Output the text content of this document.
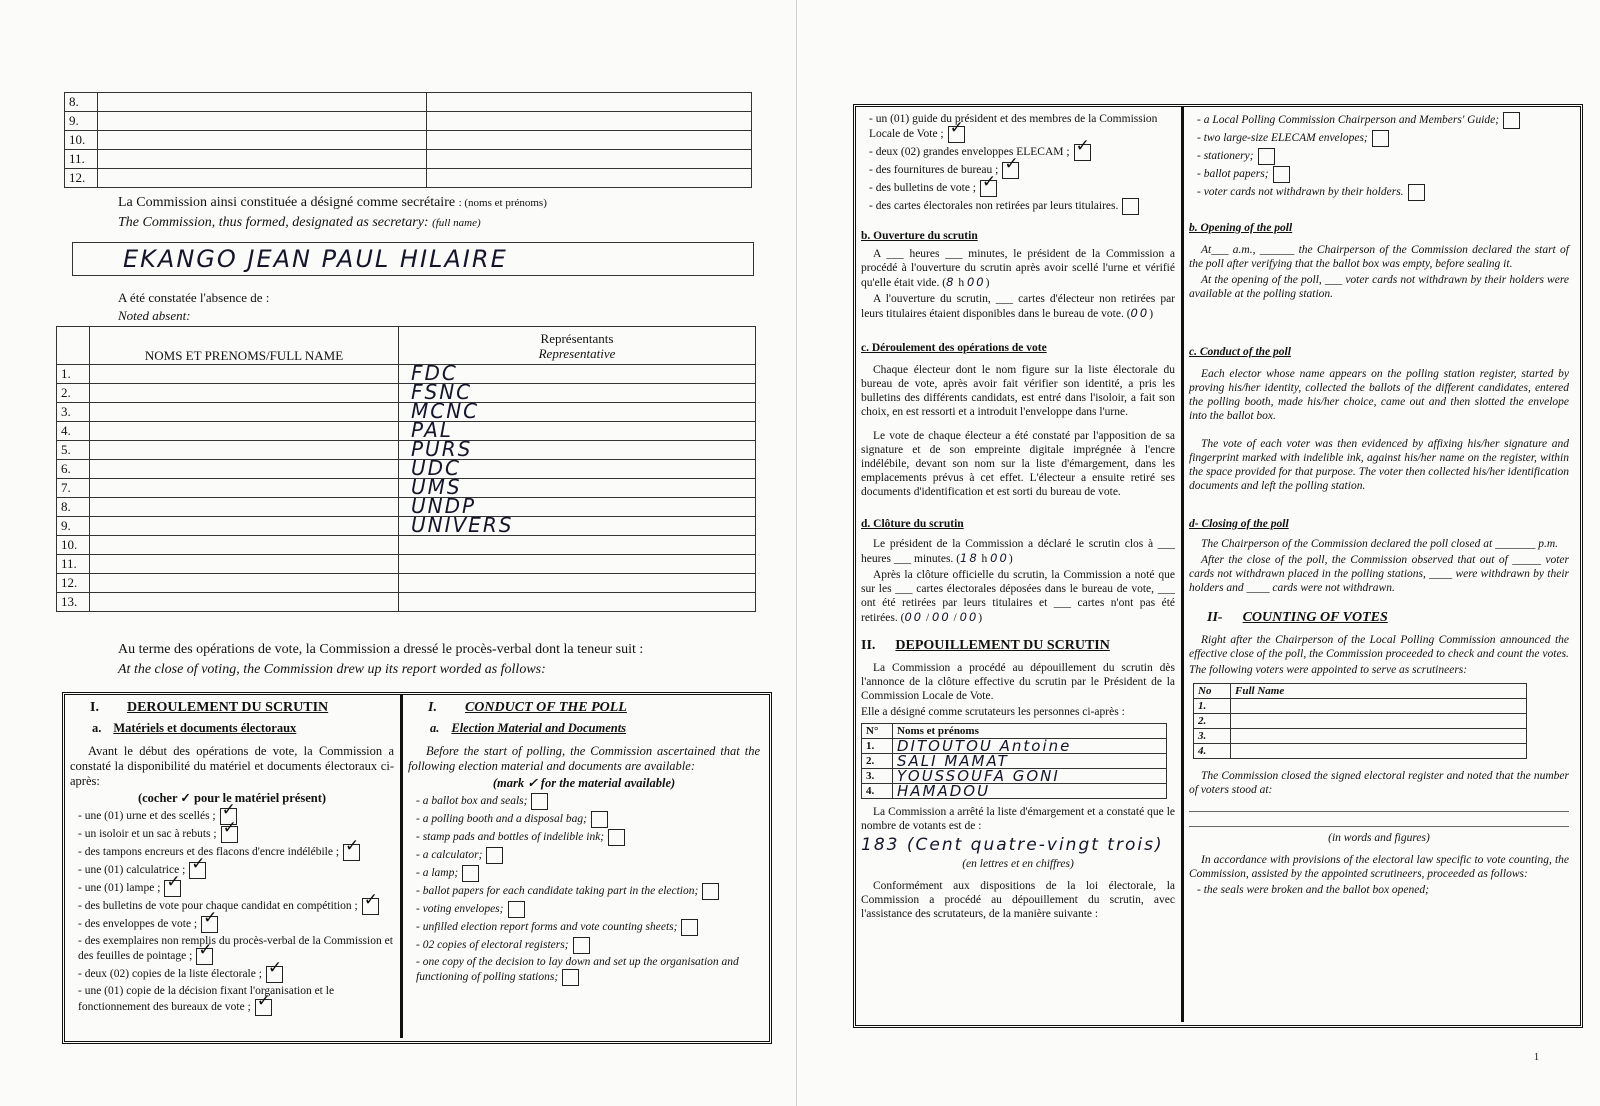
8.		
9.		
10.		
11.		
12.		
La Commission ainsi constituée a désigné comme secrétaire : (noms et prénoms)
The Commission, thus formed, designated as secretary: (full name)
EKANGO JEAN PAUL HILAIRE
A été constatée l'absence de :
Noted absent:
	NOMS ET PRENOMS/FULL NAME	Représentants
Representative

1.		FDC

2.		FSNC

3.		MCNC

4.		PAL

5.		PURS

6.		UDC

7.		UMS

8.		UNDP

9.		UNIVERS

10.		

11.		

12.		

13.		
Au terme des opérations de vote, la Commission a dressé le procès-verbal dont la teneur suit :
At the close of voting, the Commission drew up its report worded as follows:

I. DEROULEMENT DU SCRUTIN

a. Matériels et documents électoraux

Avant le début des opérations de vote, la Commission a constaté la disponibilité du matériel et documents électoraux ci-après:

(cocher ✓ pour le matériel présent)

- une (01) urne et des scellés ;✓
- un isoloir et un sac à rebuts ;✓
- des tampons encreurs et des flacons d'encre indélébile ;✓
- une (01) calculatrice ;✓
- une (01) lampe ;✓
- des bulletins de vote pour chaque candidat en compétition ;✓
- des enveloppes de vote ;✓
- des exemplaires non remplis du procès-verbal de la Commission et des feuilles de pointage ;✓
- deux (02) copies de la liste électorale ;✓
- une (01) copie de la décision fixant l'organisation et le fonctionnement des bureaux de vote ;✓

I. CONDUCT OF THE POLL

a. Election Material and Documents

Before the start of polling, the Commission ascertained that the following election material and documents are available:

(mark ✓ for the material available)

- a ballot box and seals;
- a polling booth and a disposal bag;
- stamp pads and bottles of indelible ink;
- a calculator;
- a lamp;
- ballot papers for each candidate taking part in the election;
- voting envelopes;
- unfilled election report forms and vote counting sheets;
- 02 copies of electoral registers;
- one copy of the decision to lay down and set up the organisation and functioning of polling stations;
- un (01) guide du président et des membres de la Commission Locale de Vote ;✓
- deux (02) grandes enveloppes ELECAM ;✓
- des fournitures de bureau ;✓
- des bulletins de vote ;✓
- des cartes électorales non retirées par leurs titulaires.

b. Ouverture du scrutin

A ___ heures ___ minutes, le président de la Commission a procédé à l'ouverture du scrutin après avoir scellé l'urne et vérifié qu'elle était vide. (8 h 00)

A l'ouverture du scrutin, ___ cartes d'électeur non retirées par leurs titulaires étaient disponibles dans le bureau de vote. (00)

c. Déroulement des opérations de vote

Chaque électeur dont le nom figure sur la liste électorale du bureau de vote, après avoir fait vérifier son identité, a pris les bulletins des différents candidats, est entré dans l'isoloir, a fait son choix, en est ressorti et a introduit l'enveloppe dans l'urne.

Le vote de chaque électeur a été constaté par l'apposition de sa signature et de son empreinte digitale imprégnée à l'encre indélébile, devant son nom sur la liste d'émargement, dans les emplacements prévus à cet effet. L'électeur a ensuite retiré ses documents d'identification et est sorti du bureau de vote.

d. Clôture du scrutin

Le président de la Commission a déclaré le scrutin clos à ___ heures ___ minutes. (18 h 00)

Après la clôture officielle du scrutin, la Commission a noté que sur les ___ cartes électorales déposées dans le bureau de vote, ___ ont été retirées par leurs titulaires et ___ cartes n'ont pas été retirées. (00 / 00 / 00)

II. DEPOUILLEMENT DU SCRUTIN

La Commission a procédé au dépouillement du scrutin dès l'annonce de la clôture effective du scrutin par le Président de la Commission Locale de Vote.

Elle a désigné comme scrutateurs les personnes ci-après :

N°	Noms et prénoms
1.	DITOUTOU Antoine
2.	SALI MAMAT
3.	YOUSSOUFA GONI
4.	HAMADOU

La Commission a arrêté la liste d'émargement et a constaté que le nombre de votants est de :

183 (Cent quatre-vingt trois)

(en lettres et en chiffres)

Conformément aux dispositions de la loi électorale, la Commission a procédé au dépouillement du scrutin, avec l'assistance des scrutateurs, de la manière suivante :

- a Local Polling Commission Chairperson and Members' Guide;
- two large-size ELECAM envelopes;
- stationery;
- ballot papers;
- voter cards not withdrawn by their holders.

b. Opening of the poll

At___ a.m., ______ the Chairperson of the Commission declared the start of the poll after verifying that the ballot box was empty, before sealing it.

At the opening of the poll, ___ voter cards not withdrawn by their holders were available at the polling station.

c. Conduct of the poll

Each elector whose name appears on the polling station register, started by proving his/her identity, collected the ballots of the different candidates, entered the polling booth, made his/her choice, came out and then slotted the envelope into the ballot box.

The vote of each voter was then evidenced by affixing his/her signature and fingerprint marked with indelible ink, against his/her name on the register, within the space provided for that purpose. The voter then collected his/her identification documents and left the polling station.

d- Closing of the poll

The Chairperson of the Commission declared the poll closed at _______ p.m.

After the close of the poll, the Commission observed that out of _____ voter cards not withdrawn placed in the polling stations, ____ were withdrawn by their holders and ____ cards were not withdrawn.

II- COUNTING OF VOTES

Right after the Chairperson of the Local Polling Commission announced the effective close of the poll, the Commission proceeded to check and count the votes.

The following voters were appointed to serve as scrutineers:

No	Full Name
1.	
2.	
3.	
4.	

The Commission closed the signed electoral register and noted that the number of voters stood at:

(in words and figures)

In accordance with provisions of the electoral law specific to vote counting, the Commission, assisted by the appointed scrutineers, proceeded as follows:

- the seals were broken and the ballot box opened;

1
